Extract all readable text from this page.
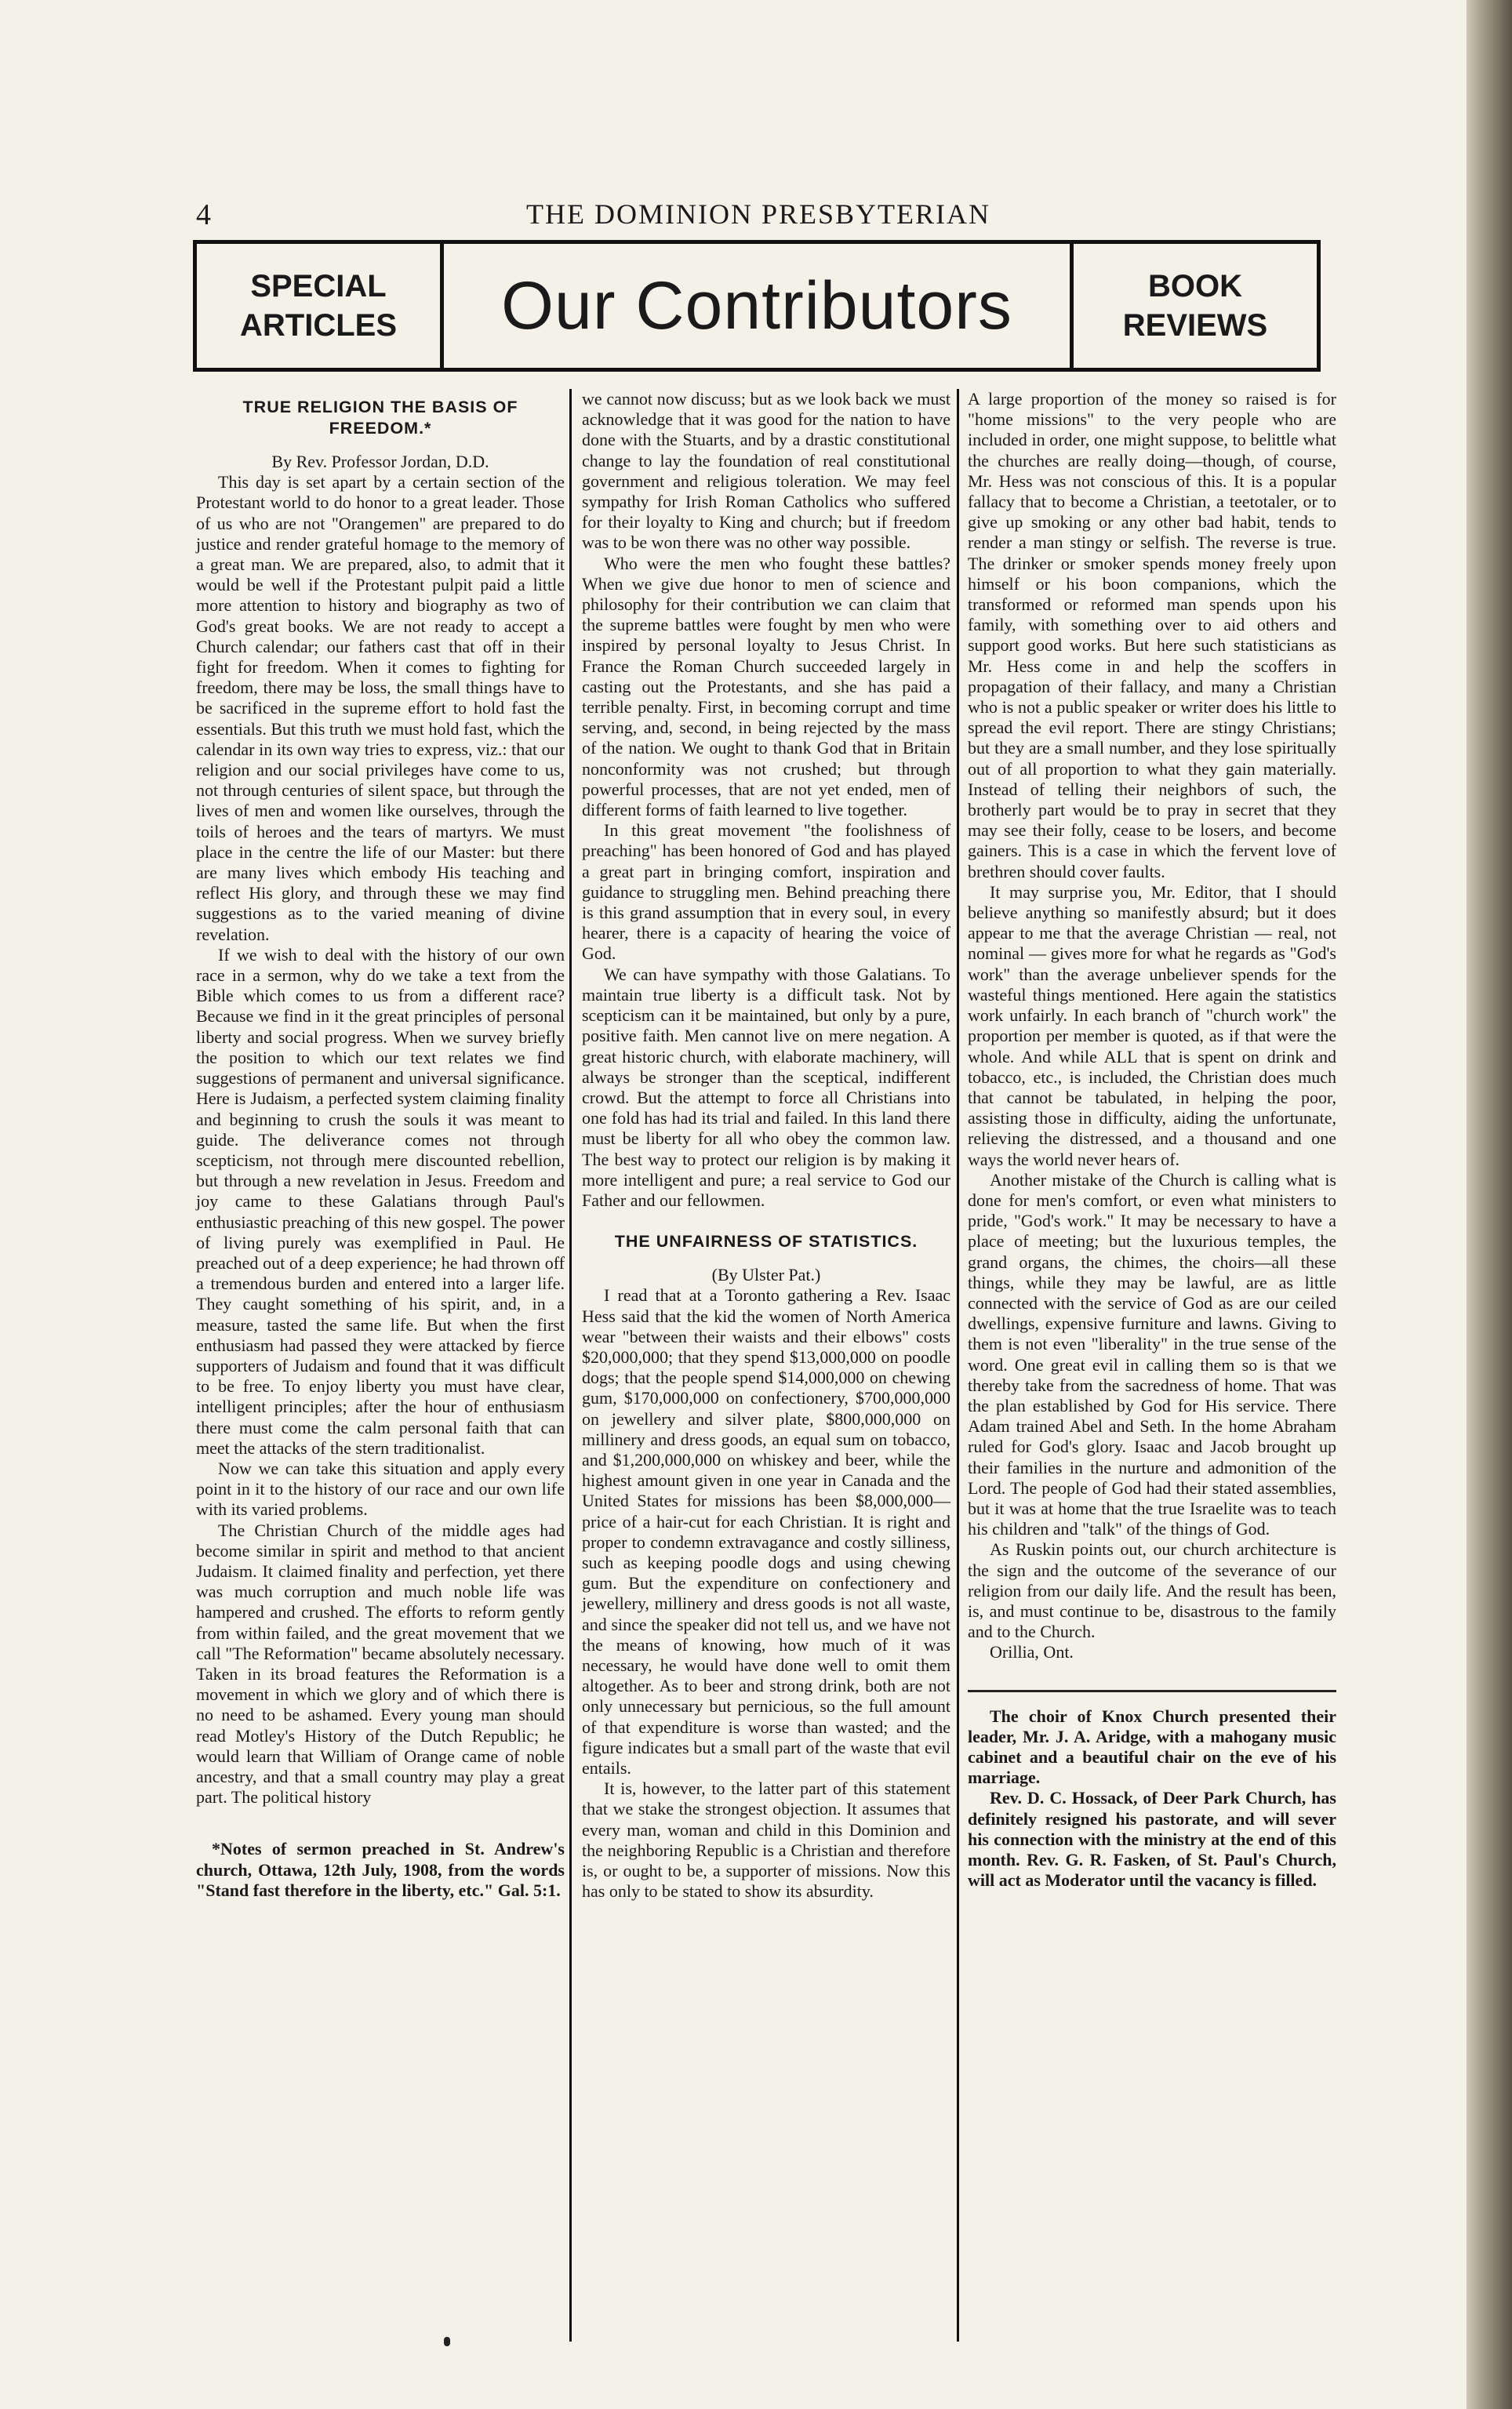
4	THE DOMINION PRESBYTERIAN
SPECIAL
ARTICLES	Our Contributors	BOOK
REVIEWS
TRUE RELIGION THE BASIS OF FREEDOM.*

By Rev. Professor Jordan, D.D.

This day is set apart by a certain section of the Protestant world to do honor to a great leader. Those of us who are not "Orangemen" are prepared to do justice and render grateful homage to the memory of a great man. We are prepared, also, to admit that it would be well if the Protestant pulpit paid a little more attention to history and biography as two of God's great books. We are not ready to accept a Church calendar; our fathers cast that off in their fight for freedom. When it comes to fighting for freedom, there may be loss, the small things have to be sacrificed in the supreme effort to hold fast the essentials. But this truth we must hold fast, which the calendar in its own way tries to express, viz.: that our religion and our social privileges have come to us, not through centuries of silent space, but through the lives of men and women like ourselves, through the toils of heroes and the tears of martyrs. We must place in the centre the life of our Master: but there are many lives which embody His teaching and reflect His glory, and through these we may find suggestions as to the varied meaning of divine revelation.

If we wish to deal with the history of our own race in a sermon, why do we take a text from the Bible which comes to us from a different race? Because we find in it the great principles of personal liberty and social progress. When we survey briefly the position to which our text relates we find suggestions of permanent and universal significance. Here is Judaism, a perfected system claiming finality and beginning to crush the souls it was meant to guide. The deliverance comes not through scepticism, not through mere discounted rebellion, but through a new revelation in Jesus. Freedom and joy came to these Galatians through Paul's enthusiastic preaching of this new gospel. The power of living purely was exemplified in Paul. He preached out of a deep experience; he had thrown off a tremendous burden and entered into a larger life. They caught something of his spirit, and, in a measure, tasted the same life. But when the first enthusiasm had passed they were attacked by fierce supporters of Judaism and found that it was difficult to be free. To enjoy liberty you must have clear, intelligent principles; after the hour of enthusiasm there must come the calm personal faith that can meet the attacks of the stern traditionalist.

Now we can take this situation and apply every point in it to the history of our race and our own life with its varied problems.

The Christian Church of the middle ages had become similar in spirit and method to that ancient Judaism. It claimed finality and perfection, yet there was much corruption and much noble life was hampered and crushed. The efforts to reform gently from within failed, and the great movement that we call "The Reformation" became absolutely necessary. Taken in its broad features the Reformation is a movement in which we glory and of which there is no need to be ashamed. Every young man should read Motley's History of the Dutch Republic; he would learn that William of Orange came of noble ancestry, and that a small country may play a great part. The political history

*Notes of sermon preached in St. Andrew's church, Ottawa, 12th July, 1908, from the words "Stand fast therefore in the liberty, etc." Gal. 5:1.

we cannot now discuss; but as we look back we must acknowledge that it was good for the nation to have done with the Stuarts, and by a drastic constitutional change to lay the foundation of real constitutional government and religious toleration. We may feel sympathy for Irish Roman Catholics who suffered for their loyalty to King and church; but if freedom was to be won there was no other way possible.

Who were the men who fought these battles? When we give due honor to men of science and philosophy for their contribution we can claim that the supreme battles were fought by men who were inspired by personal loyalty to Jesus Christ. In France the Roman Church succeeded largely in casting out the Protestants, and she has paid a terrible penalty. First, in becoming corrupt and time serving, and, second, in being rejected by the mass of the nation. We ought to thank God that in Britain nonconformity was not crushed; but through powerful processes, that are not yet ended, men of different forms of faith learned to live together.

In this great movement "the foolishness of preaching" has been honored of God and has played a great part in bringing comfort, inspiration and guidance to struggling men. Behind preaching there is this grand assumption that in every soul, in every hearer, there is a capacity of hearing the voice of God.

We can have sympathy with those Galatians. To maintain true liberty is a difficult task. Not by scepticism can it be maintained, but only by a pure, positive faith. Men cannot live on mere negation. A great historic church, with elaborate machinery, will always be stronger than the sceptical, indifferent crowd. But the attempt to force all Christians into one fold has had its trial and failed. In this land there must be liberty for all who obey the common law. The best way to protect our religion is by making it more intelligent and pure; a real service to God our Father and our fellowmen.

THE UNFAIRNESS OF STATISTICS.

(By Ulster Pat.)

I read that at a Toronto gathering a Rev. Isaac Hess said that the kid the women of North America wear "between their waists and their elbows" costs $20,000,000; that they spend $13,000,000 on poodle dogs; that the people spend $14,000,000 on chewing gum, $170,000,000 on confectionery, $700,000,000 on jewellery and silver plate, $800,000,000 on millinery and dress goods, an equal sum on tobacco, and $1,200,000,000 on whiskey and beer, while the highest amount given in one year in Canada and the United States for missions has been $8,000,000—price of a hair-cut for each Christian. It is right and proper to condemn extravagance and costly silliness, such as keeping poodle dogs and using chewing gum. But the expenditure on confectionery and jewellery, millinery and dress goods is not all waste, and since the speaker did not tell us, and we have not the means of knowing, how much of it was necessary, he would have done well to omit them altogether. As to beer and strong drink, both are not only unnecessary but pernicious, so the full amount of that expenditure is worse than wasted; and the figure indicates but a small part of the waste that evil entails.

It is, however, to the latter part of this statement that we stake the strongest objection. It assumes that every man, woman and child in this Dominion and the neighboring Republic is a Christian and therefore is, or ought to be, a supporter of missions. Now this has only to be stated to show its absurdity.

A large proportion of the money so raised is for "home missions" to the very people who are included in order, one might suppose, to belittle what the churches are really doing—though, of course, Mr. Hess was not conscious of this. It is a popular fallacy that to become a Christian, a teetotaler, or to give up smoking or any other bad habit, tends to render a man stingy or selfish. The reverse is true. The drinker or smoker spends money freely upon himself or his boon companions, which the transformed or reformed man spends upon his family, with something over to aid others and support good works. But here such statisticians as Mr. Hess come in and help the scoffers in propagation of their fallacy, and many a Christian who is not a public speaker or writer does his little to spread the evil report. There are stingy Christians; but they are a small number, and they lose spiritually out of all proportion to what they gain materially. Instead of telling their neighbors of such, the brotherly part would be to pray in secret that they may see their folly, cease to be losers, and become gainers. This is a case in which the fervent love of brethren should cover faults.

It may surprise you, Mr. Editor, that I should believe anything so manifestly absurd; but it does appear to me that the average Christian — real, not nominal — gives more for what he regards as "God's work" than the average unbeliever spends for the wasteful things mentioned. Here again the statistics work unfairly. In each branch of "church work" the proportion per member is quoted, as if that were the whole. And while ALL that is spent on drink and tobacco, etc., is included, the Christian does much that cannot be tabulated, in helping the poor, assisting those in difficulty, aiding the unfortunate, relieving the distressed, and a thousand and one ways the world never hears of.

Another mistake of the Church is calling what is done for men's comfort, or even what ministers to pride, "God's work." It may be necessary to have a place of meeting; but the luxurious temples, the grand organs, the chimes, the choirs—all these things, while they may be lawful, are as little connected with the service of God as are our ceiled dwellings, expensive furniture and lawns. Giving to them is not even "liberality" in the true sense of the word. One great evil in calling them so is that we thereby take from the sacredness of home. That was the plan established by God for His service. There Adam trained Abel and Seth. In the home Abraham ruled for God's glory. Isaac and Jacob brought up their families in the nurture and admonition of the Lord. The people of God had their stated assemblies, but it was at home that the true Israelite was to teach his children and "talk" of the things of God.

As Ruskin points out, our church architecture is the sign and the outcome of the severance of our religion from our daily life. And the result has been, is, and must continue to be, disastrous to the family and to the Church.

Orillia, Ont.

The choir of Knox Church presented their leader, Mr. J. A. Aridge, with a mahogany music cabinet and a beautiful chair on the eve of his marriage.

Rev. D. C. Hossack, of Deer Park Church, has definitely resigned his pastorate, and will sever his connection with the ministry at the end of this month. Rev. G. R. Fasken, of St. Paul's Church, will act as Moderator until the vacancy is filled.
